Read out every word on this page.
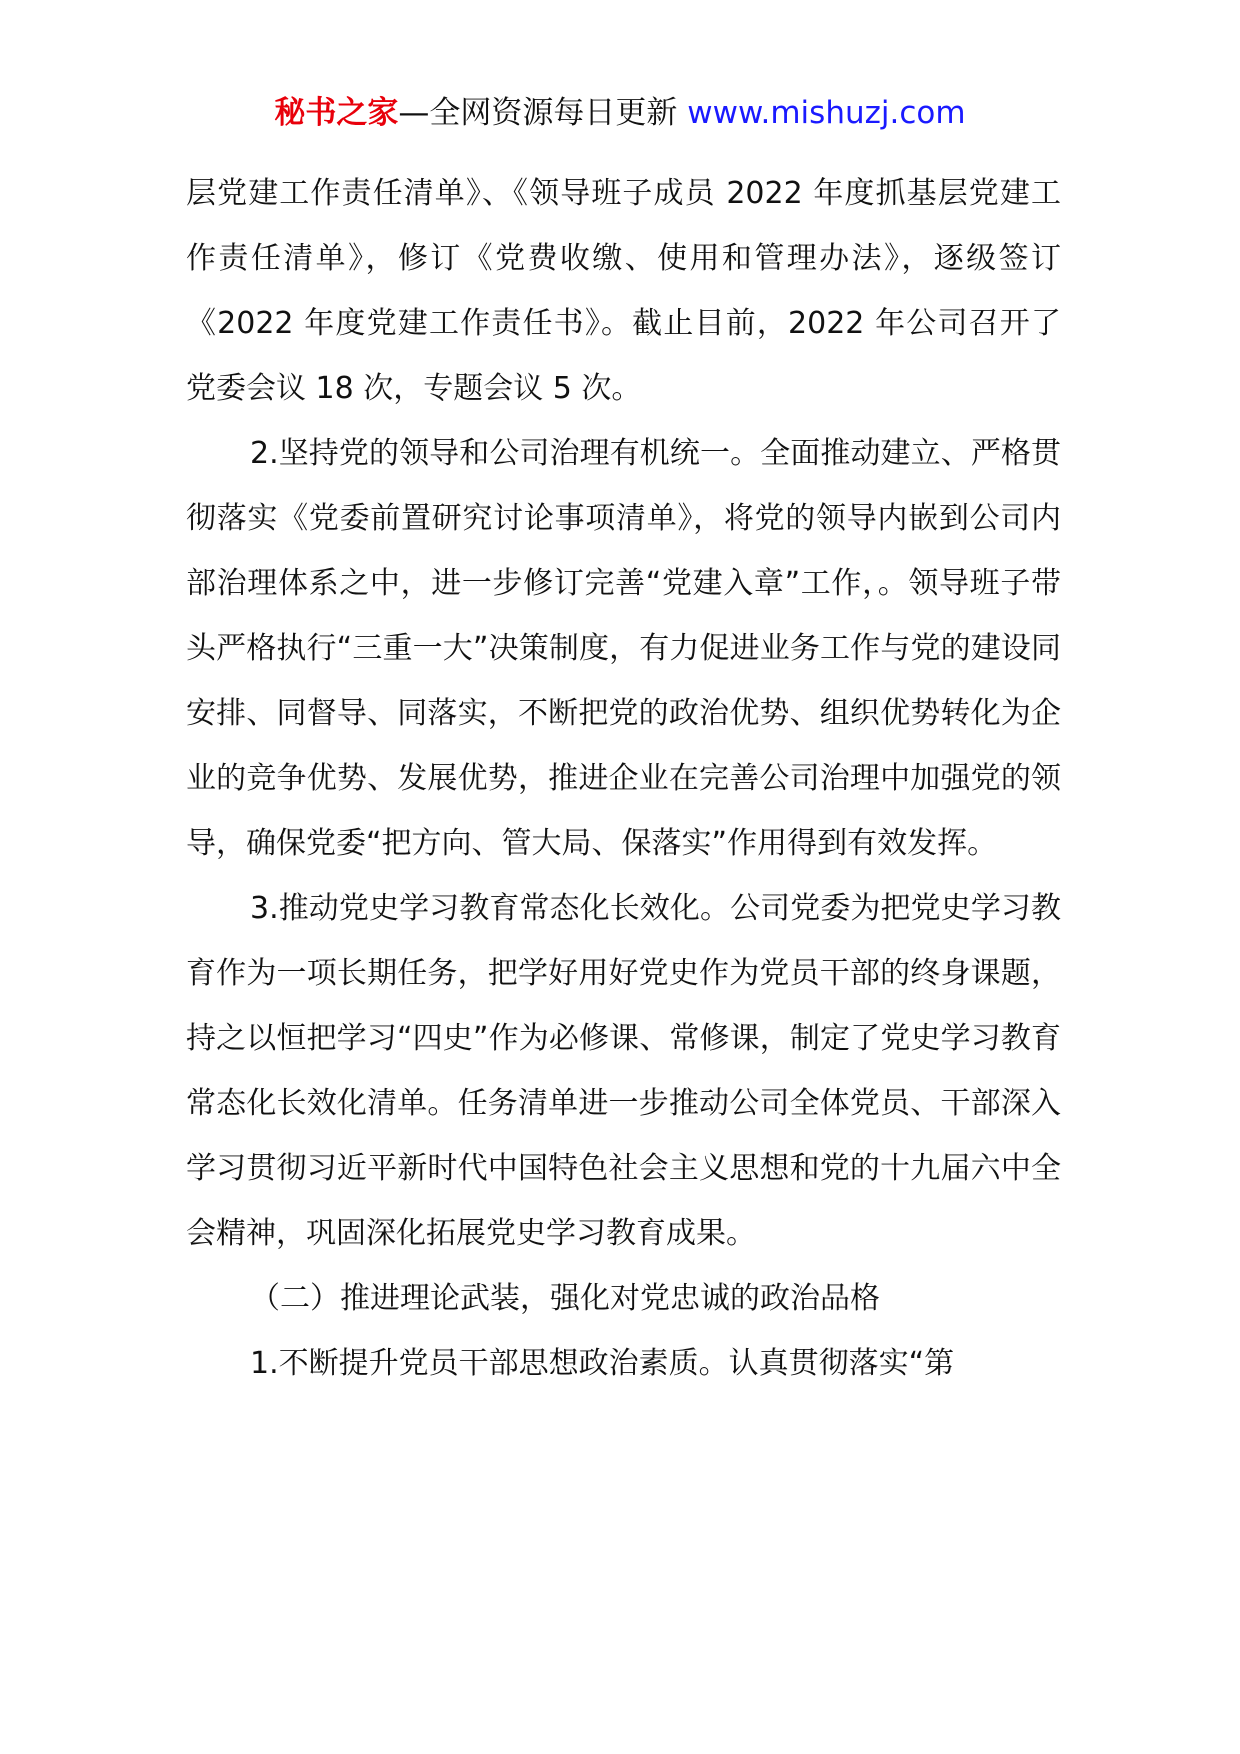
秘书之家—全网资源每日更新 www.mishuzj.com

层党建工作责任清单》、《领导班子成员 2022 年度抓基层党建工作责任清单》，修订《党费收缴、使用和管理办法》，逐级签订《2022 年度党建工作责任书》。截止目前，2022 年公司召开了党委会议 18 次，专题会议 5 次。

2.坚持党的领导和公司治理有机统一。全面推动建立、严格贯彻落实《党委前置研究讨论事项清单》，将党的领导内嵌到公司内部治理体系之中，进一步修订完善“党建入章”工作，。领导班子带头严格执行“三重一大”决策制度，有力促进业务工作与党的建设同安排、同督导、同落实，不断把党的政治优势、组织优势转化为企业的竞争优势、发展优势，推进企业在完善公司治理中加强党的领导，确保党委“把方向、管大局、保落实”作用得到有效发挥。

3.推动党史学习教育常态化长效化。公司党委为把党史学习教育作为一项长期任务，把学好用好党史作为党员干部的终身课题，持之以恒把学习“四史”作为必修课、常修课，制定了党史学习教育常态化长效化清单。任务清单进一步推动公司全体党员、干部深入学习贯彻习近平新时代中国特色社会主义思想和党的十九届六中全会精神，巩固深化拓展党史学习教育成果。

（二）推进理论武装，强化对党忠诚的政治品格

1.不断提升党员干部思想政治素质。认真贯彻落实“第
